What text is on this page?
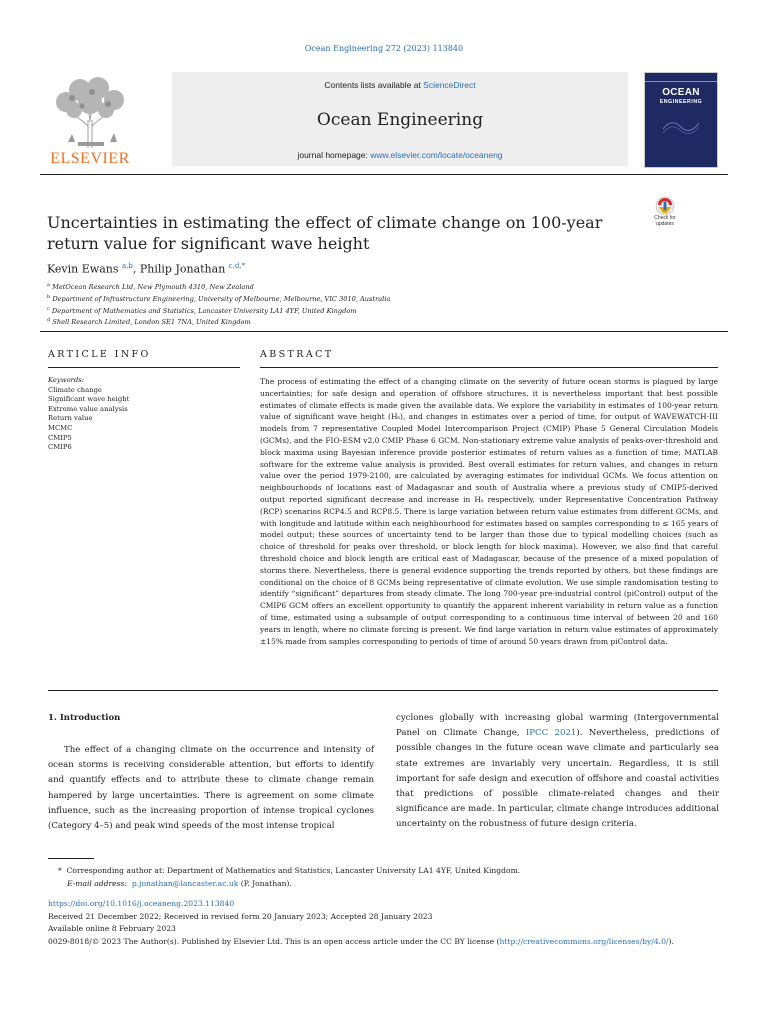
Ocean Engineering 272 (2023) 113840
ELSEVIER
Contents lists available at ScienceDirect
Ocean Engineering
journal homepage: www.elsevier.com/locate/oceaneng
OCEAN
ENGINEERING
Uncertainties in estimating the effect of climate change on 100-year return value for significant wave height
Check for
updates
Kevin Ewans $^{a,b}$, Philip Jonathan $^{c,d,*}$
$^a$ MetOcean Research Ltd, New Plymouth 4310, New Zealand
$^b$ Department of Infrastructure Engineering, University of Melbourne, Melbourne, VIC 3010, Australia
$^c$ Department of Mathematics and Statistics, Lancaster University LA1 4YF, United Kingdom
$^d$ Shell Research Limited, London SE1 7NA, United Kingdom
ARTICLE INFO	ABSTRACT
Keywords:
Climate change
Significant wave height
Extreme value analysis
Return value
MCMC
CMIP5
CMIP6

The process of estimating the effect of a changing climate on the severity of future ocean storms is plagued by large uncertainties; for safe design and operation of offshore structures, it is nevertheless important that best possible estimates of climate effects is made given the available data. We explore the variability in estimates of 100-year return value of significant wave height (Hₛ), and changes in estimates over a period of time, for output of WAVEWATCH-III models from 7 representative Coupled Model Intercomparison Project (CMIP) Phase 5 General Circulation Models (GCMs), and the FIO-ESM v2.0 CMIP Phase 6 GCM. Non-stationary extreme value analysis of peaks-over-threshold and block maxima using Bayesian inference provide posterior estimates of return values as a function of time; MATLAB software for the extreme value analysis is provided. Best overall estimates for return values, and changes in return value over the period 1979-2100, are calculated by averaging estimates for individual GCMs. We focus attention on neighbourhoods of locations east of Madagascar and south of Australia where a previous study of CMIP5-derived output reported significant decrease and increase in Hₛ respectively, under Representative Concentration Pathway (RCP) scenarios RCP4.5 and RCP8.5. There is large variation between return value estimates from different GCMs, and with longitude and latitude within each neighbourhood for estimates based on samples corresponding to ≤ 165 years of model output; these sources of uncertainty tend to be larger than those due to typical modelling choices (such as choice of threshold for peaks over threshold, or block length for block maxima). However, we also find that careful threshold choice and block length are critical east of Madagascar, because of the presence of a mixed population of storms there. Nevertheless, there is general evidence supporting the trends reported by others, but these findings are conditional on the choice of 8 GCMs being representative of climate evolution. We use simple randomisation testing to identify “significant” departures from steady climate. The long 700-year pre-industrial control (piControl) output of the CMIP6 GCM offers an excellent opportunity to quantify the apparent inherent variability in return value as a function of time, estimated using a subsample of output corresponding to a continuous time interval of between 20 and 160 years in length, where no climate forcing is present. We find large variation in return value estimates of approximately ±15% made from samples corresponding to periods of time of around 50 years drawn from piControl data.

1. Introduction

The effect of a changing climate on the occurrence and intensity of ocean storms is receiving considerable attention, but efforts to identify and quantify effects and to attribute these to climate change remain hampered by large uncertainties. There is agreement on some climate influence, such as the increasing proportion of intense tropical cyclones (Category 4–5) and peak wind speeds of the most intense tropical

cyclones globally with increasing global warming (Intergovernmental Panel on Climate Change, IPCC 2021). Nevertheless, predictions of possible changes in the future ocean wave climate and particularly sea state extremes are invariably very uncertain. Regardless, it is still important for safe design and execution of offshore and coastal activities that predictions of possible climate-related changes and their significance are made. In particular, climate change introduces additional uncertainty on the robustness of future design criteria.

* Corresponding author at: Department of Mathematics and Statistics, Lancaster University LA1 4YF, United Kingdom.
E-mail address: p.jonathan@lancaster.ac.uk (P. Jonathan).
https://doi.org/10.1016/j.oceaneng.2023.113840
Received 21 December 2022; Received in revised form 20 January 2023; Accepted 28 January 2023
Available online 8 February 2023
0029-8018/© 2023 The Author(s). Published by Elsevier Ltd. This is an open access article under the CC BY license (http://creativecommons.org/licenses/by/4.0/).
